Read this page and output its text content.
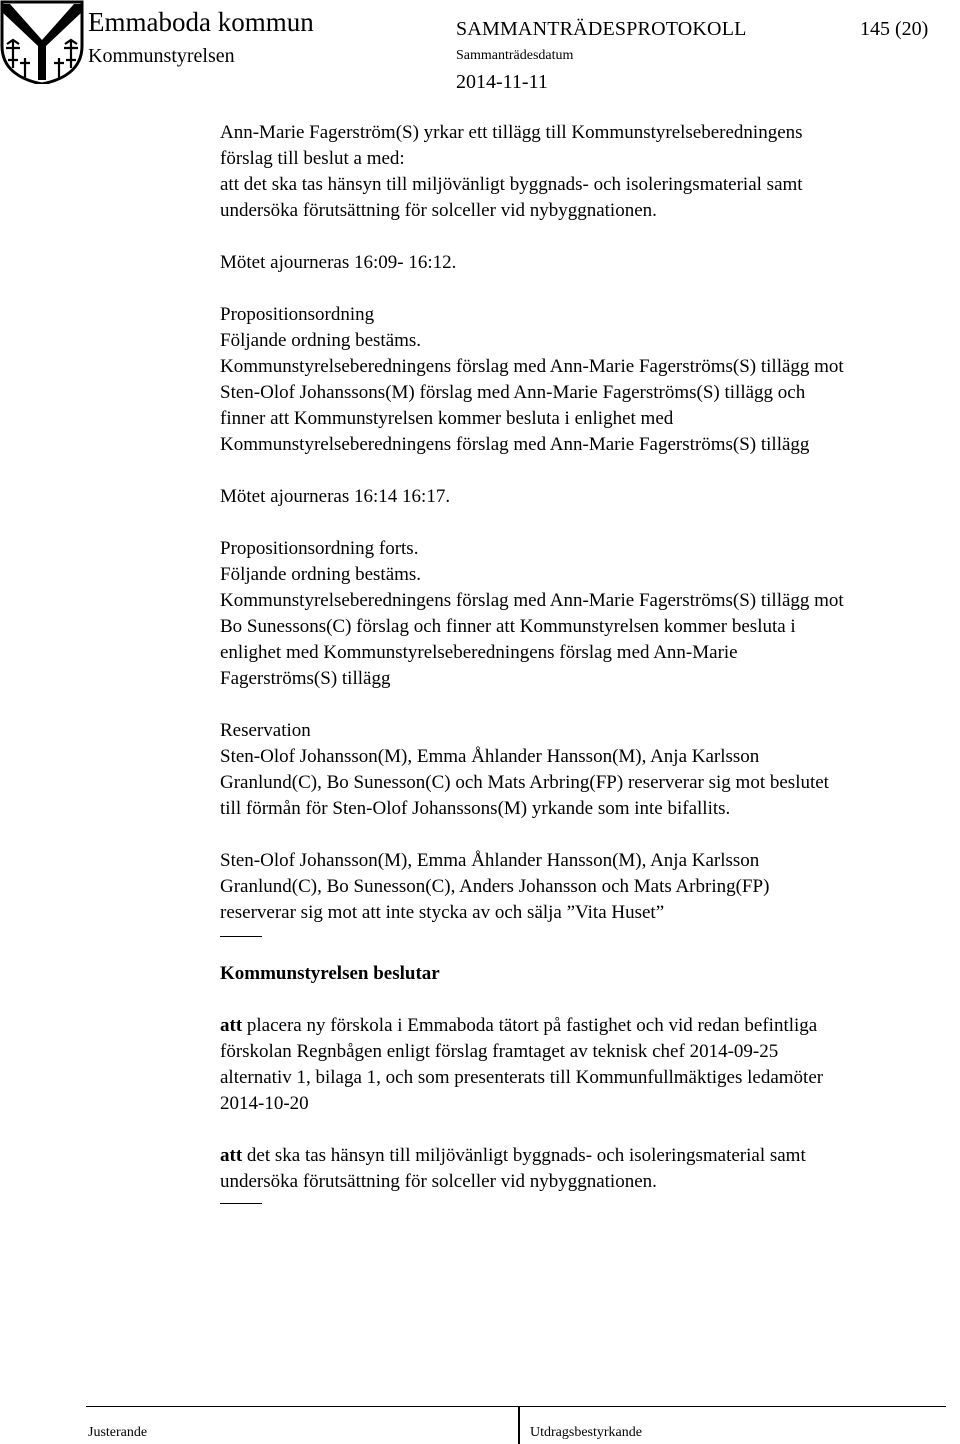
Emmaboda kommun
Kommunstyrelsen
SAMMANTRÄDESPROTOKOLL	145 (20)
Sammanträdesdatum
2014-11-11

Ann-Marie Fagerström(S) yrkar ett tillägg till Kommunstyrelseberedningens
förslag till beslut a med:
att det ska tas hänsyn till miljövänligt byggnads- och isoleringsmaterial samt
undersöka förutsättning för solceller vid nybyggnationen.

Mötet ajourneras 16:09- 16:12.

Propositionsordning
Följande ordning bestäms.
Kommunstyrelseberedningens förslag med Ann-Marie Fagerströms(S) tillägg mot
Sten-Olof Johanssons(M) förslag med Ann-Marie Fagerströms(S) tillägg och
finner att Kommunstyrelsen kommer besluta i enlighet med
Kommunstyrelseberedningens förslag med Ann-Marie Fagerströms(S) tillägg

Mötet ajourneras 16:14 16:17.

Propositionsordning forts.
Följande ordning bestäms.
Kommunstyrelseberedningens förslag med Ann-Marie Fagerströms(S) tillägg mot
Bo Sunessons(C) förslag och finner att Kommunstyrelsen kommer besluta i
enlighet med Kommunstyrelseberedningens förslag med Ann-Marie
Fagerströms(S) tillägg

Reservation
Sten-Olof Johansson(M), Emma Åhlander Hansson(M), Anja Karlsson
Granlund(C), Bo Sunesson(C) och Mats Arbring(FP) reserverar sig mot beslutet
till förmån för Sten-Olof Johanssons(M) yrkande som inte bifallits.

Sten-Olof Johansson(M), Emma Åhlander Hansson(M), Anja Karlsson
Granlund(C), Bo Sunesson(C), Anders Johansson och Mats Arbring(FP)
reserverar sig mot att inte stycka av och sälja ”Vita Huset”

Kommunstyrelsen beslutar

att placera ny förskola i Emmaboda tätort på fastighet och vid redan befintliga
förskolan Regnbågen enligt förslag framtaget av teknisk chef 2014-09-25
alternativ 1, bilaga 1, och som presenterats till Kommunfullmäktiges ledamöter
2014-10-20

att det ska tas hänsyn till miljövänligt byggnads- och isoleringsmaterial samt
undersöka förutsättning för solceller vid nybyggnationen.

Justerande	Utdragsbestyrkande
